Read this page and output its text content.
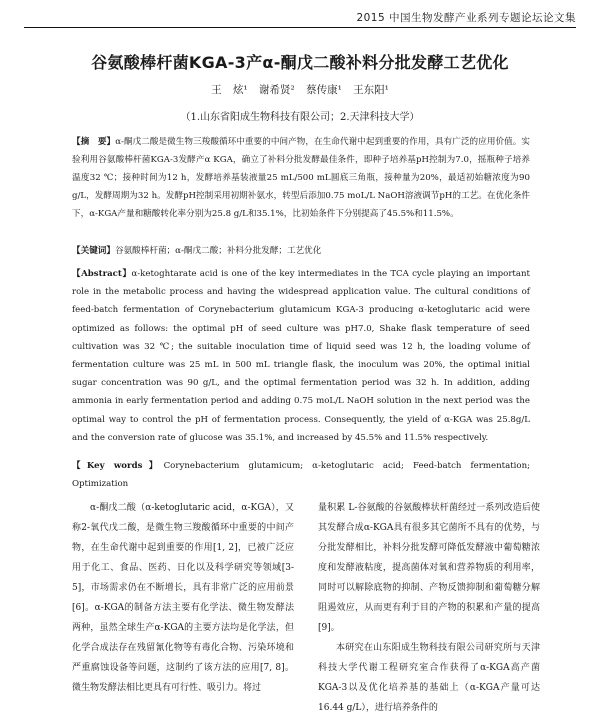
2015 中国生物发酵产业系列专题论坛论文集
谷氨酸棒杆菌KGA-3产α-酮戊二酸补料分批发酵工艺优化
王 炫¹ 谢希贤² 蔡传康¹ 王东阳¹
（1.山东省阳成生物科技有限公司；2.天津科技大学）

【摘　要】α-酮戊二酸是微生物三羧酸循环中重要的中间产物，在生命代谢中起到重要的作用，具有广泛的应用价值。实验利用谷氨酸棒杆菌KGA-3发酵产α KGA，确立了补料分批发酵最佳条件，即种子培养基pH控制为7.0，摇瓶种子培养温度32 ℃；接种时间为12 h，发酵培养基装液量25 mL/500 mL圆底三角瓶，接种量为20%，最适初始糖浓度为90 g/L，发酵周期为32 h。发酵pH控制采用初期补氨水，转型后添加0.75 moL/L NaOH溶液调节pH的工艺。在优化条件下，α-KGA产量和糖酸转化率分别为25.8 g/L和35.1%，比初始条件下分别提高了45.5%和11.5%。

【关键词】谷氨酸棒杆菌；α-酮戊二酸；补料分批发酵；工艺优化

【Abstract】α-ketoghtarate acid is one of the key intermediates in the TCA cycle playing an important role in the metabolic process and having the widespread application value. The cultural conditions of feed-batch fermentation of Corynebacterium glutamicum KGA-3 producing α-ketoglutaric acid were optimized as follows: the optimal pH of seed culture was pH7.0, Shake flask temperature of seed cultivation was 32 ℃; the suitable inoculation time of liquid seed was 12 h, the loading volume of fermentation culture was 25 mL in 500 mL triangle flask, the inoculum was 20%, the optimal initial sugar concentration was 90 g/L, and the optimal fermentation period was 32 h. In addition, adding ammonia in early fermentation period and adding 0.75 moL/L NaOH solution in the next period was the optimal way to control the pH of fermentation process. Consequently, the yield of α-KGA was 25.8g/L and the conversion rate of glucose was 35.1%, and increased by 45.5% and 11.5% respectively.

【Key words】Corynebacterium glutamicum; α-ketoglutaric acid; Feed-batch fermentation; Optimization

α-酮戊二酸（α-ketoglutaric acid，α-KGA），又称2-氧代戊二酸，是微生物三羧酸循环中重要的中间产物，在生命代谢中起到重要的作用[1, 2]，已被广泛应用于化工、食品、医药、日化以及科学研究等领域[3-5]，市场需求仍在不断增长，具有非常广泛的应用前景[6]。α-KGA的制备方法主要有化学法、微生物发酵法两种，虽然全球生产α-KGA的主要方法均是化学法，但化学合成法存在残留氰化物等有毒化合物、污染环境和严重腐蚀设备等问题，这制约了该方法的应用[7, 8]。微生物发酵法相比更具有可行性、吸引力。将过

量积累 L-谷氨酸的谷氨酸棒状杆菌经过一系列改造后使其发酵合成α-KGA具有很多其它菌所不具有的优势，与分批发酵相比，补料分批发酵可降低发酵液中葡萄糖浓度和发酵液粘度，提高菌体对氧和营养物质的利用率，同时可以解除底物的抑制、产物反馈抑制和葡萄糖分解阻遏效应，从而更有利于目的产物的积累和产量的提高[9]。

本研究在山东阳成生物科技有限公司研究所与天津科技大学代谢工程研究室合作获得了α-KGA高产菌KGA-3以及优化培养基的基础上（α-KGA产量可达16.44 g/L），进行培养条件的
